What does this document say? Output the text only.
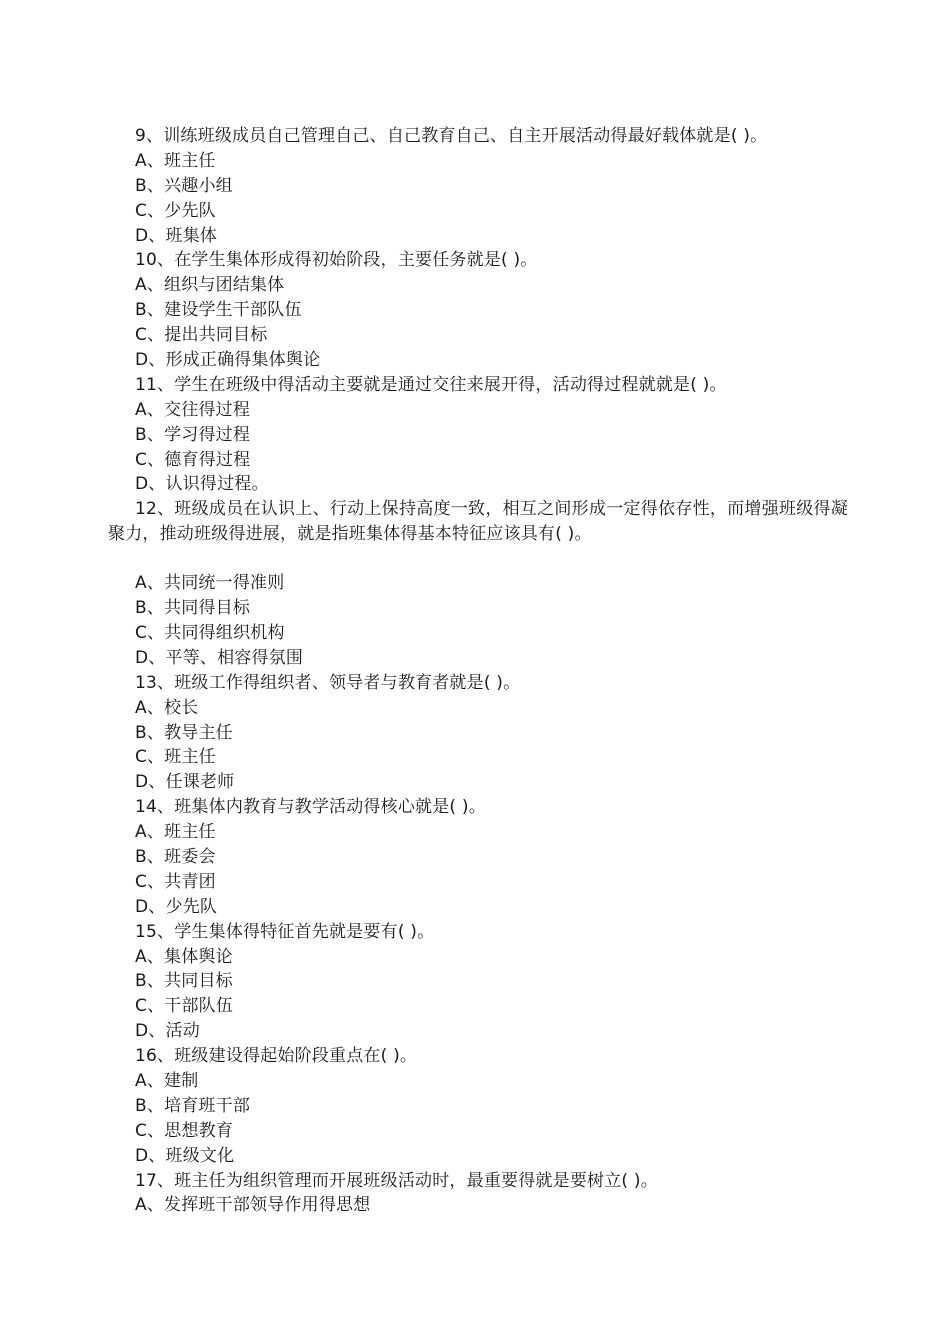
9、训练班级成员自己管理自己、自己教育自己、自主开展活动得最好载体就是( )。
A、班主任
B、兴趣小组
C、少先队
D、班集体
10、在学生集体形成得初始阶段，主要任务就是( )。
A、组织与团结集体
B、建设学生干部队伍
C、提出共同目标
D、形成正确得集体舆论
11、学生在班级中得活动主要就是通过交往来展开得，活动得过程就就是( )。
A、交往得过程
B、学习得过程
C、德育得过程
D、认识得过程。
12、班级成员在认识上、行动上保持高度一致，相互之间形成一定得依存性，而增强班级得凝聚力，推动班级得进展，就是指班集体得基本特征应该具有( )。
A、共同统一得准则
B、共同得目标
C、共同得组织机构
D、平等、相容得氛围
13、班级工作得组织者、领导者与教育者就是( )。
A、校长
B、教导主任
C、班主任
D、任课老师
14、班集体内教育与教学活动得核心就是( )。
A、班主任
B、班委会
C、共青团
D、少先队
15、学生集体得特征首先就是要有( )。
A、集体舆论
B、共同目标
C、干部队伍
D、活动
16、班级建设得起始阶段重点在( )。
A、建制
B、培育班干部
C、思想教育
D、班级文化
17、班主任为组织管理而开展班级活动时，最重要得就是要树立( )。
A、发挥班干部领导作用得思想
